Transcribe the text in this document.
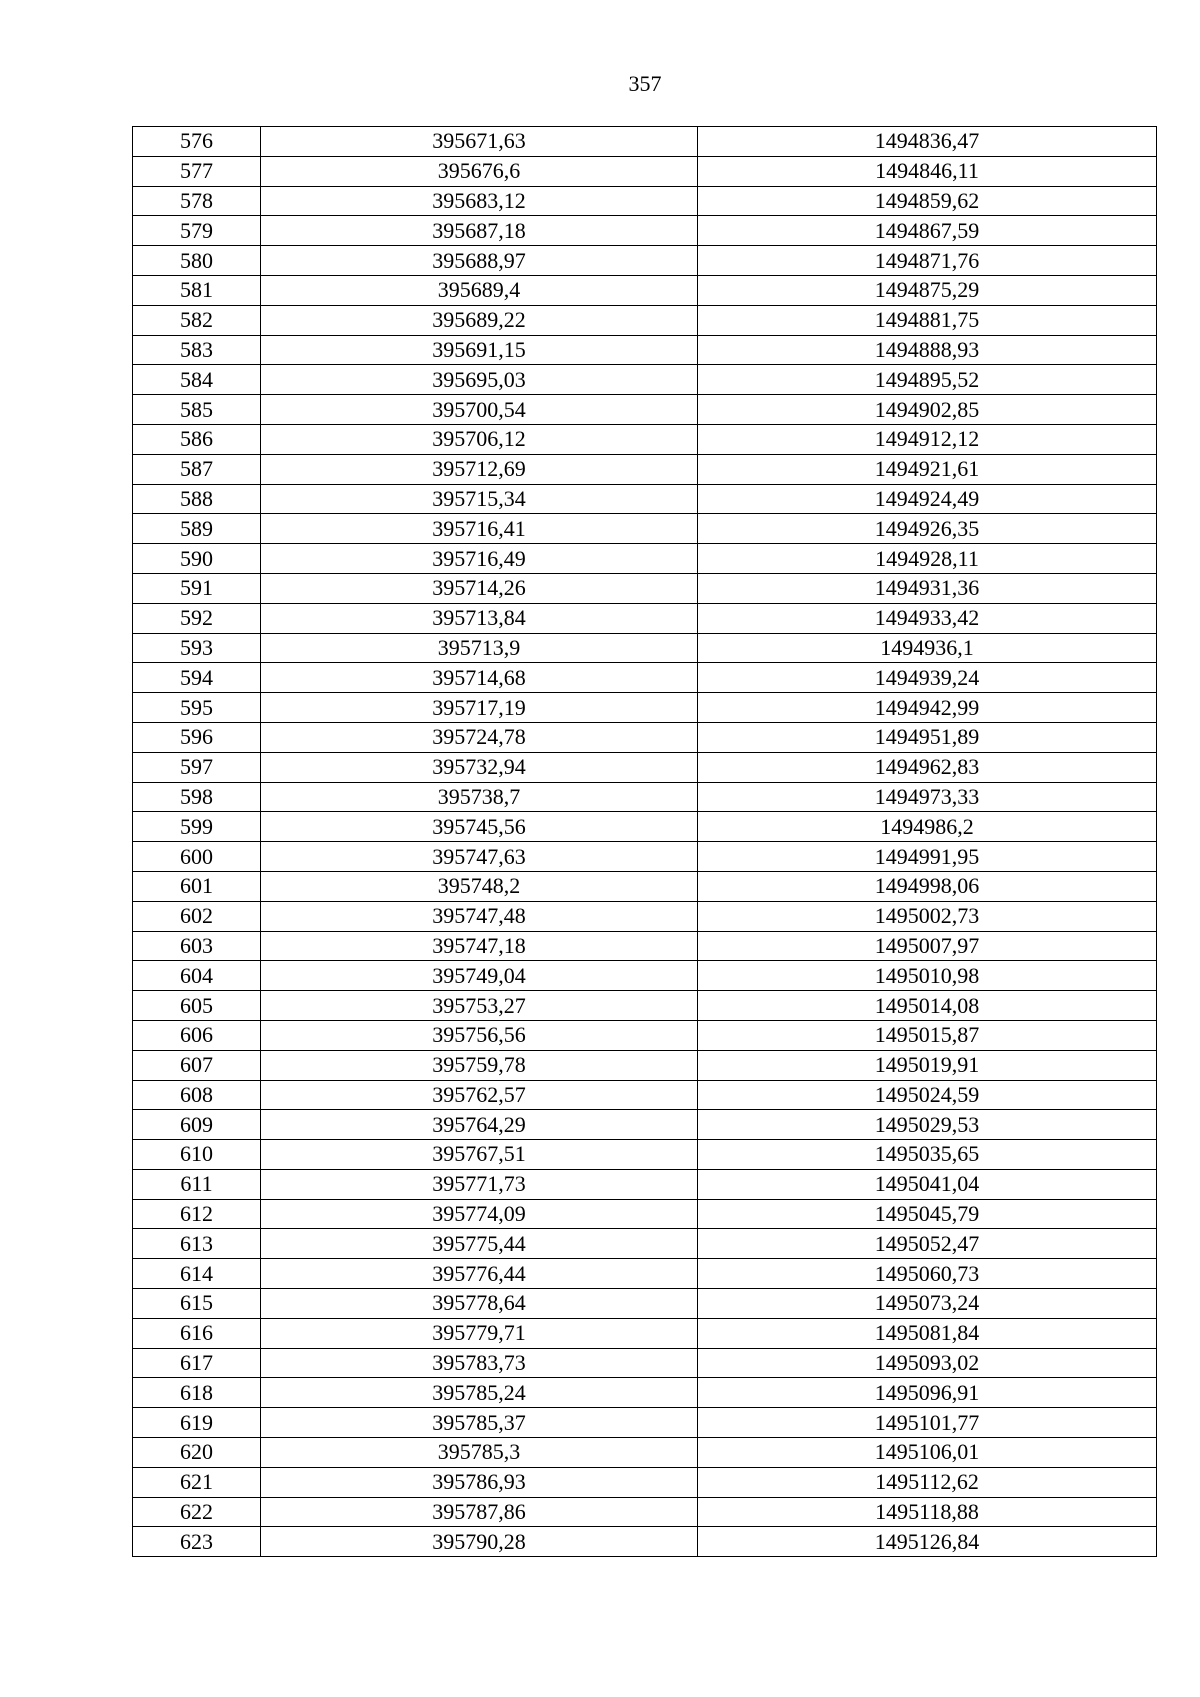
357
576	395671,63	1494836,47
577	395676,6	1494846,11
578	395683,12	1494859,62
579	395687,18	1494867,59
580	395688,97	1494871,76
581	395689,4	1494875,29
582	395689,22	1494881,75
583	395691,15	1494888,93
584	395695,03	1494895,52
585	395700,54	1494902,85
586	395706,12	1494912,12
587	395712,69	1494921,61
588	395715,34	1494924,49
589	395716,41	1494926,35
590	395716,49	1494928,11
591	395714,26	1494931,36
592	395713,84	1494933,42
593	395713,9	1494936,1
594	395714,68	1494939,24
595	395717,19	1494942,99
596	395724,78	1494951,89
597	395732,94	1494962,83
598	395738,7	1494973,33
599	395745,56	1494986,2
600	395747,63	1494991,95
601	395748,2	1494998,06
602	395747,48	1495002,73
603	395747,18	1495007,97
604	395749,04	1495010,98
605	395753,27	1495014,08
606	395756,56	1495015,87
607	395759,78	1495019,91
608	395762,57	1495024,59
609	395764,29	1495029,53
610	395767,51	1495035,65
611	395771,73	1495041,04
612	395774,09	1495045,79
613	395775,44	1495052,47
614	395776,44	1495060,73
615	395778,64	1495073,24
616	395779,71	1495081,84
617	395783,73	1495093,02
618	395785,24	1495096,91
619	395785,37	1495101,77
620	395785,3	1495106,01
621	395786,93	1495112,62
622	395787,86	1495118,88
623	395790,28	1495126,84
